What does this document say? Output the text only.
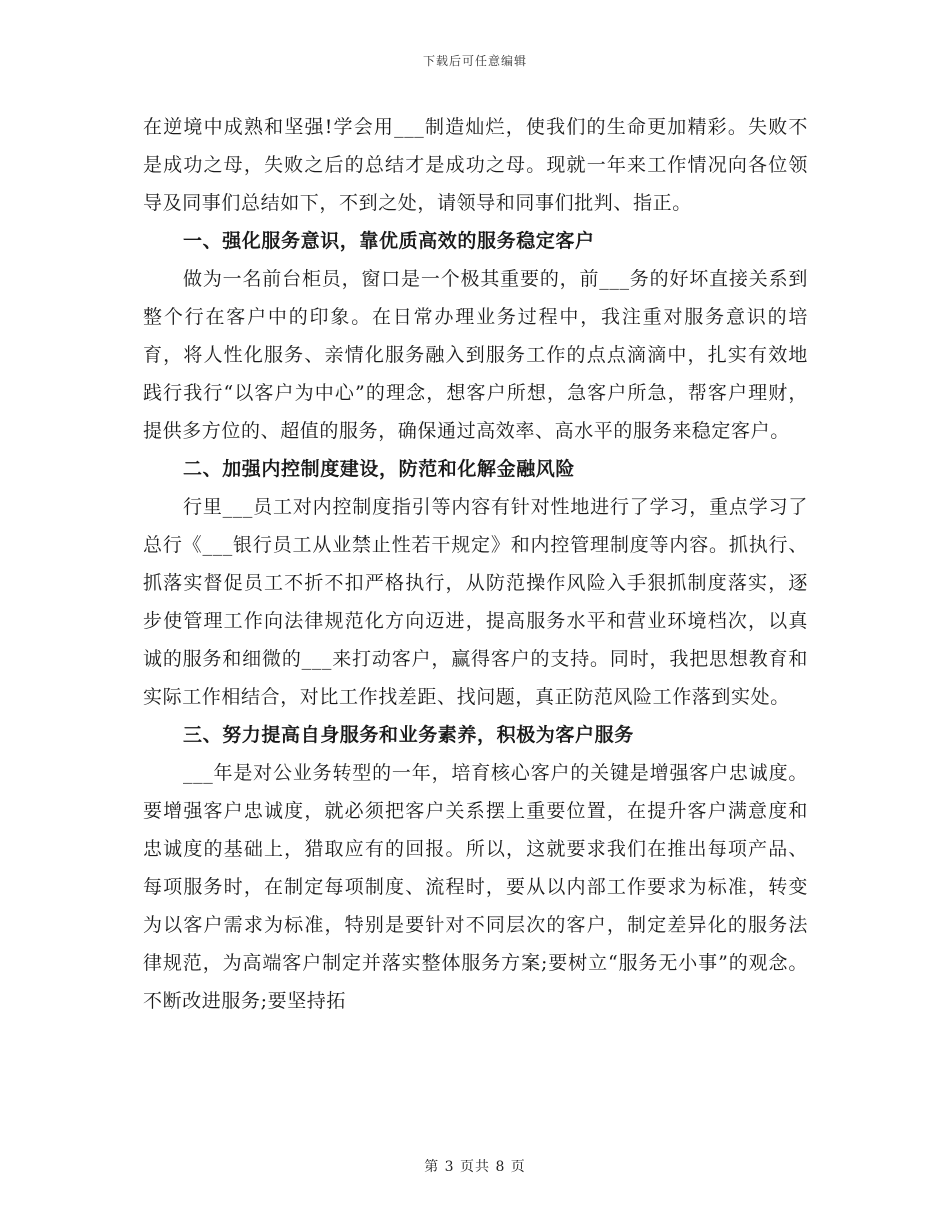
下载后可任意编辑

在逆境中成熟和坚强!学会用___制造灿烂，使我们的生命更加精彩。失败不是成功之母，失败之后的总结才是成功之母。现就一年来工作情况向各位领导及同事们总结如下，不到之处，请领导和同事们批判、指正。

一、强化服务意识，靠优质高效的服务稳定客户

做为一名前台柜员，窗口是一个极其重要的，前___务的好坏直接关系到整个行在客户中的印象。在日常办理业务过程中，我注重对服务意识的培育，将人性化服务、亲情化服务融入到服务工作的点点滴滴中，扎实有效地践行我行“以客户为中心”的理念，想客户所想，急客户所急，帮客户理财，提供多方位的、超值的服务，确保通过高效率、高水平的服务来稳定客户。

二、加强内控制度建设，防范和化解金融风险

行里___员工对内控制度指引等内容有针对性地进行了学习，重点学习了总行《___银行员工从业禁止性若干规定》和内控管理制度等内容。抓执行、抓落实督促员工不折不扣严格执行，从防范操作风险入手狠抓制度落实，逐步使管理工作向法律规范化方向迈进，提高服务水平和营业环境档次，以真诚的服务和细微的___来打动客户，赢得客户的支持。同时，我把思想教育和实际工作相结合，对比工作找差距、找问题，真正防范风险工作落到实处。

三、努力提高自身服务和业务素养，积极为客户服务

___年是对公业务转型的一年，培育核心客户的关键是增强客户忠诚度。要增强客户忠诚度，就必须把客户关系摆上重要位置，在提升客户满意度和忠诚度的基础上，猎取应有的回报。所以，这就要求我们在推出每项产品、每项服务时，在制定每项制度、流程时，要从以内部工作要求为标准，转变为以客户需求为标准，特别是要针对不同层次的客户，制定差异化的服务法律规范，为高端客户制定并落实整体服务方案;要树立“服务无小事”的观念。不断改进服务;要坚持拓

第 3 页共 8 页
